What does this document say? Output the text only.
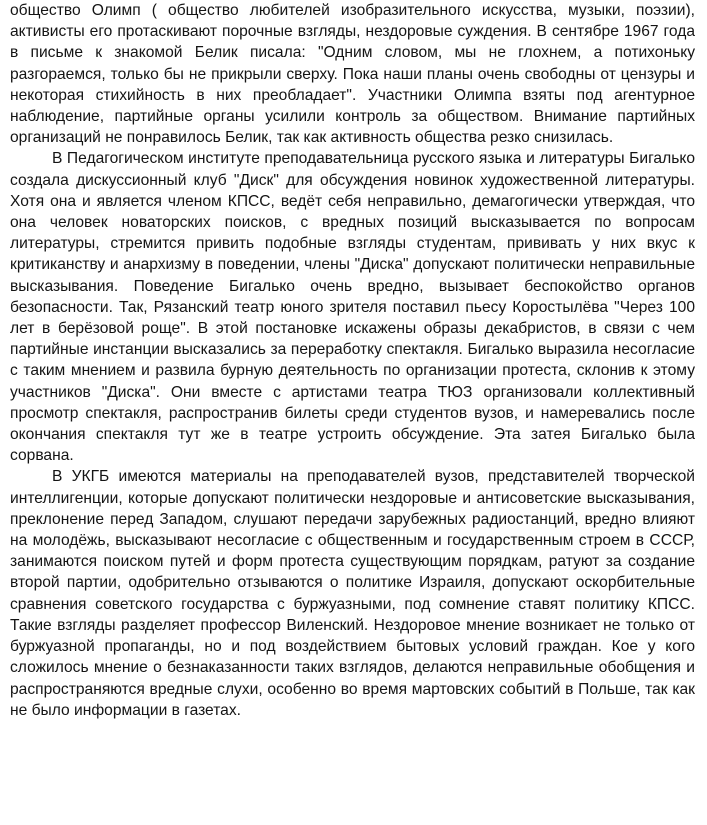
общество Олимп ( общество любителей изобразительного искусства, музыки, поэзии), активисты его протаскивают порочные взгляды, нездоровые суждения. В сентябре 1967 года в письме к знакомой Белик писала: "Одним словом, мы не глохнем, а потихоньку разгораемся, только бы не прикрыли сверху. Пока наши планы очень свободны от цензуры и некоторая стихийность в них преобладает". Участники Олимпа взяты под агентурное наблюдение, партийные органы усилили контроль за обществом. Внимание партийных организаций не понравилось Белик, так как активность общества резко снизилась.

В Педагогическом институте преподавательница русского языка и литературы Бигалько создала дискуссионный клуб "Диск" для обсуждения новинок художественной литературы. Хотя она и является членом КПСС, ведёт себя неправильно, демагогически утверждая, что она человек новаторских поисков, с вредных позиций высказывается по вопросам литературы, стремится привить подобные взгляды студентам, прививать у них вкус к критиканству и анархизму в поведении, члены "Диска" допускают политически неправильные высказывания. Поведение Бигалько очень вредно, вызывает беспокойство органов безопасности. Так, Рязанский театр юного зрителя поставил пьесу Коростылёва "Через 100 лет в берёзовой роще". В этой постановке искажены образы декабристов, в связи с чем партийные инстанции высказались за переработку спектакля. Бигалько выразила несогласие с таким мнением и развила бурную деятельность по организации протеста, склонив к этому участников "Диска". Они вместе с артистами театра ТЮЗ организовали коллективный просмотр спектакля, распространив билеты среди студентов вузов, и намеревались после окончания спектакля тут же в театре устроить обсуждение. Эта затея Бигалько была сорвана.

В УКГБ имеются материалы на преподавателей вузов, представителей творческой интеллигенции, которые допускают политически нездоровые и антисоветские высказывания, преклонение перед Западом, слушают передачи зарубежных радиостанций, вредно влияют на молодёжь, высказывают несогласие с общественным и государственным строем в СССР, занимаются поиском путей и форм протеста существующим порядкам, ратуют за создание второй партии, одобрительно отзываются о политике Израиля, допускают оскорбительные сравнения советского государства с буржуазными, под сомнение ставят политику КПСС. Такие взгляды разделяет профессор Виленский. Нездоровое мнение возникает не только от буржуазной пропаганды, но и под воздействием бытовых условий граждан. Кое у кого сложилось мнение о безнаказанности таких взглядов, делаются неправильные обобщения и распространяются вредные слухи, особенно во время мартовских событий в Польше, так как не было информации в газетах.
